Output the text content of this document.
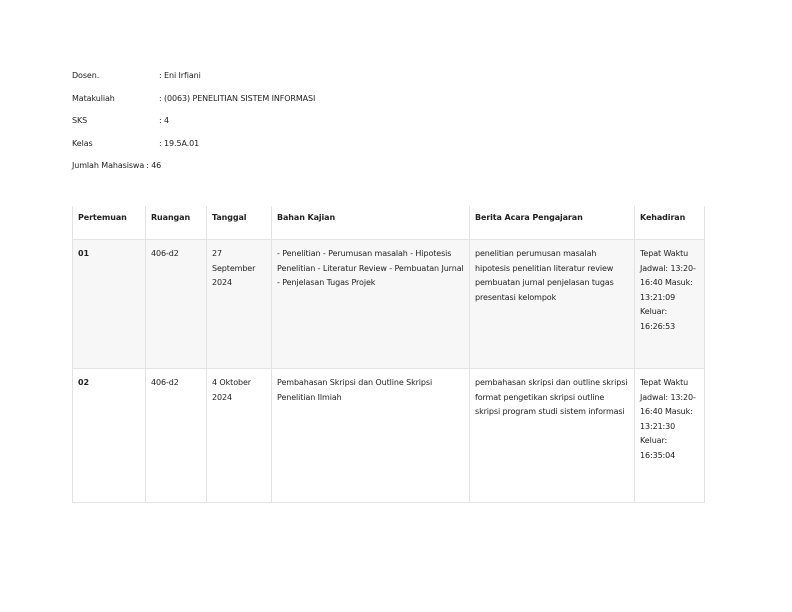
Dosen.	: Eni Irfiani
Matakuliah	: (0063) PENELITIAN SISTEM INFORMASI
SKS	: 4
Kelas	: 19.5A.01
Jumlah Mahasiswa : 46
Pertemuan	Ruangan	Tanggal	Bahan Kajian	Berita Acara Pengajaran	Kehadiran
01	406-d2	27 September 2024	- Penelitian - Perumusan masalah - Hipotesis Penelitian - Literatur Review - Pembuatan Jurnal - Penjelasan Tugas Projek	penelitian perumusan masalah hipotesis penelitian literatur review pembuatan jurnal penjelasan tugas presentasi kelompok	Tepat Waktu Jadwal: 13:20-16:40 Masuk: 13:21:09 Keluar: 16:26:53
02	406-d2	4 Oktober 2024	Pembahasan Skripsi dan Outline Skripsi Penelitian Ilmiah	pembahasan skripsi dan outline skripsi format pengetikan skripsi outline skripsi program studi sistem informasi	Tepat Waktu Jadwal: 13:20-16:40 Masuk: 13:21:30 Keluar: 16:35:04
